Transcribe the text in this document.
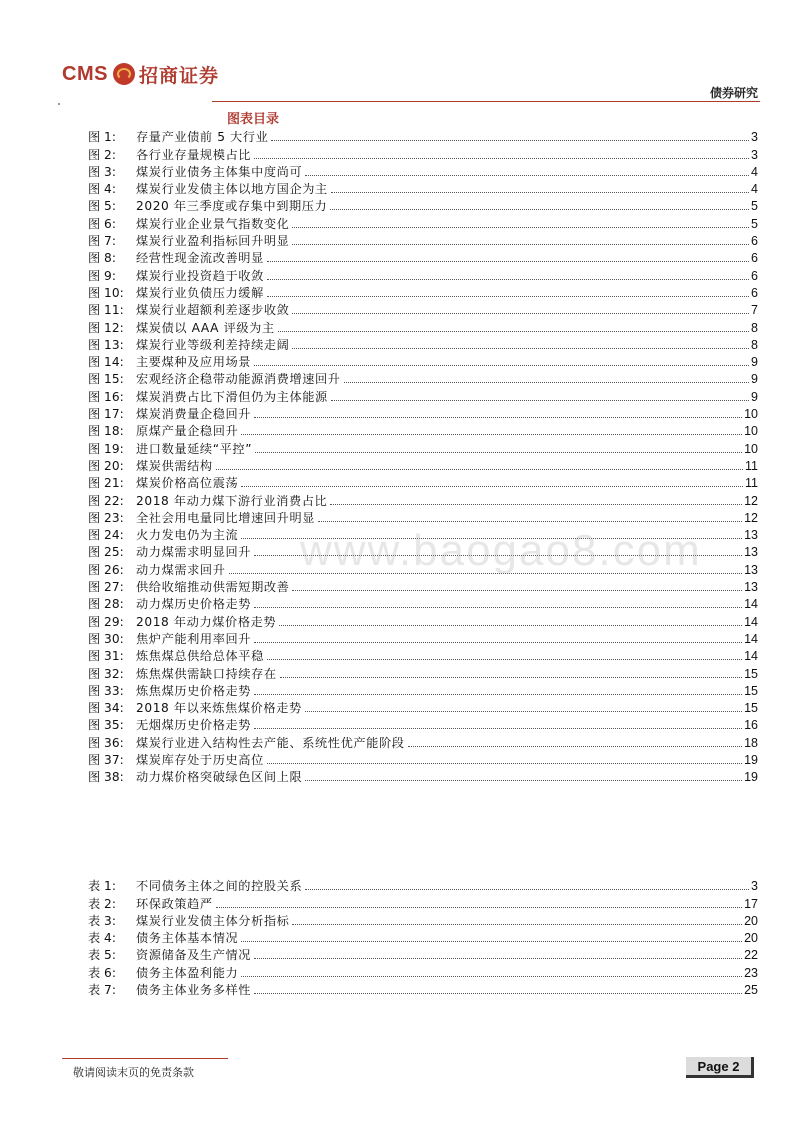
CMS 招商证券
债券研究
图表目录
图 1:	存量产业债前 5 大行业	3
图 2:	各行业存量规模占比	3
图 3:	煤炭行业债务主体集中度尚可	4
图 4:	煤炭行业发债主体以地方国企为主	4
图 5:	2020 年三季度或存集中到期压力	5
图 6:	煤炭行业企业景气指数变化	5
图 7:	煤炭行业盈利指标回升明显	6
图 8:	经营性现金流改善明显	6
图 9:	煤炭行业投资趋于收敛	6
图 10:	煤炭行业负债压力缓解	6
图 11:	煤炭行业超额利差逐步收敛	7
图 12:	煤炭债以 AAA 评级为主	8
图 13:	煤炭行业等级利差持续走阔	8
图 14:	主要煤种及应用场景	9
图 15:	宏观经济企稳带动能源消费增速回升	9
图 16:	煤炭消费占比下滑但仍为主体能源	9
图 17:	煤炭消费量企稳回升	10
图 18:	原煤产量企稳回升	10
图 19:	进口数量延续“平控”	10
图 20:	煤炭供需结构	11
图 21:	煤炭价格高位震荡	11
图 22:	2018 年动力煤下游行业消费占比	12
图 23:	全社会用电量同比增速回升明显	12
图 24:	火力发电仍为主流	13
图 25:	动力煤需求明显回升	13
图 26:	动力煤需求回升	13
图 27:	供给收缩推动供需短期改善	13
图 28:	动力煤历史价格走势	14
图 29:	2018 年动力煤价格走势	14
图 30:	焦炉产能利用率回升	14
图 31:	炼焦煤总供给总体平稳	14
图 32:	炼焦煤供需缺口持续存在	15
图 33:	炼焦煤历史价格走势	15
图 34:	2018 年以来炼焦煤价格走势	15
图 35:	无烟煤历史价格走势	16
图 36:	煤炭行业进入结构性去产能、系统性优产能阶段	18
图 37:	煤炭库存处于历史高位	19
图 38:	动力煤价格突破绿色区间上限	19
表 1:	不同债务主体之间的控股关系	3
表 2:	环保政策趋严	17
表 3:	煤炭行业发债主体分析指标	20
表 4:	债务主体基本情况	20
表 5:	资源储备及生产情况	22
表 6:	债务主体盈利能力	23
表 7:	债务主体业务多样性	25
www.baogao8.com
敬请阅读末页的免责条款	Page 2
